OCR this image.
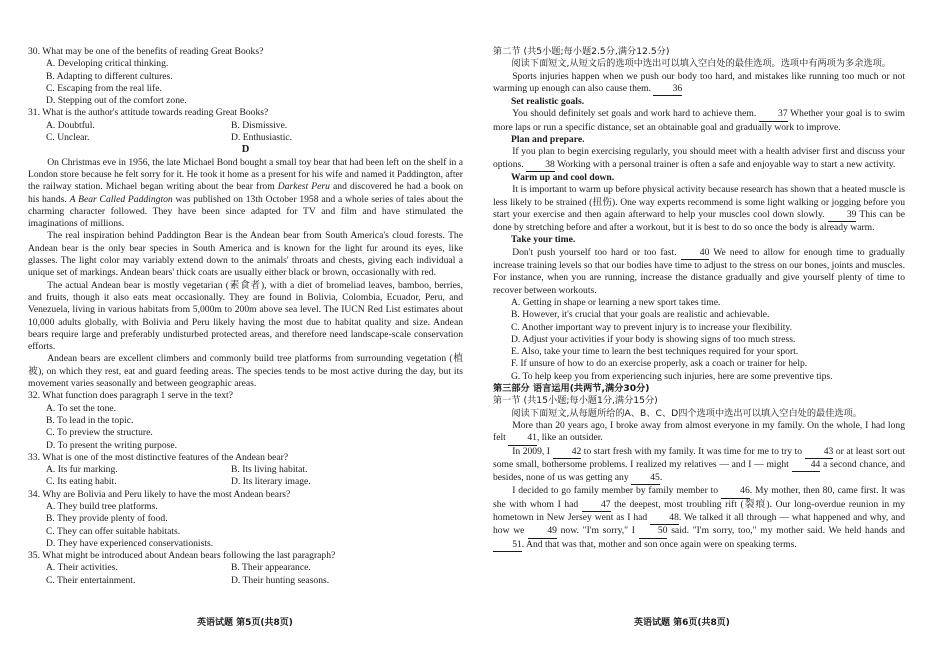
30. What may be one of the benefits of reading Great Books?
A. Developing critical thinking.
B. Adapting to different cultures.
C. Escaping from the real life.
D. Stepping out of the comfort zone.
31. What is the author's attitude towards reading Great Books?
A. Doubtful.	B. Dismissive.
C. Unclear.	D. Enthusiastic.
D
On Christmas eve in 1956, the late Michael Bond bought a small toy bear that had been left on the shelf in a London store because he felt sorry for it. He took it home as a present for his wife and named it Paddington, after the railway station. Michael began writing about the bear from Darkest Peru and discovered he had a book on his hands. A Bear Called Paddington was published on 13th October 1958 and a whole series of tales about the charming character followed. They have been since adapted for TV and film and have stimulated the imaginations of millions.
The real inspiration behind Paddington Bear is the Andean bear from South America's cloud forests. The Andean bear is the only bear species in South America and is known for the light fur around its eyes, like glasses. The light color may variably extend down to the animals' throats and chests, giving each individual a unique set of markings. Andean bears' thick coats are usually either black or brown, occasionally with red.
The actual Andean bear is mostly vegetarian (素食者), with a diet of bromeliad leaves, bamboo, berries, and fruits, though it also eats meat occasionally. They are found in Bolivia, Colombia, Ecuador, Peru, and Venezuela, living in various habitats from 5,000m to 200m above sea level. The IUCN Red List estimates about 10,000 adults globally, with Bolivia and Peru likely having the most due to habitat quality and size. Andean bears require large and preferably undisturbed protected areas, and therefore need landscape-scale conservation efforts.
Andean bears are excellent climbers and commonly build tree platforms from surrounding vegetation (植被), on which they rest, eat and guard feeding areas. The species tends to be most active during the day, but its movement varies seasonally and between geographic areas.
32. What function does paragraph 1 serve in the text?
A. To set the tone.
B. To lead in the topic.
C. To preview the structure.
D. To present the writing purpose.
33. What is one of the most distinctive features of the Andean bear?
A. Its fur marking.	B. Its living habitat.
C. Its eating habit.	D. Its literary image.
34. Why are Bolivia and Peru likely to have the most Andean bears?
A. They build tree platforms.
B. They provide plenty of food.
C. They can offer suitable habitats.
D. They have experienced conservationists.
35. What might be introduced about Andean bears following the last paragraph?
A. Their activities.	B. Their appearance.
C. Their entertainment.	D. Their hunting seasons.
第二节 (共5小题;每小题2.5分,满分12.5分)
阅读下面短文,从短文后的选项中选出可以填入空白处的最佳选项。选项中有两项为多余选项。
Sports injuries happen when we push our body too hard, and mistakes like running too much or not warming up enough can also cause them. 36
Set realistic goals.
You should definitely set goals and work hard to achieve them. 37 Whether your goal is to swim more laps or run a specific distance, set an obtainable goal and gradually work to improve.
Plan and prepare.
If you plan to begin exercising regularly, you should meet with a health adviser first and discuss your options. 38 Working with a personal trainer is often a safe and enjoyable way to start a new activity.
Warm up and cool down.
It is important to warm up before physical activity because research has shown that a heated muscle is less likely to be strained (扭伤). One way experts recommend is some light walking or jogging before you start your exercise and then again afterward to help your muscles cool down slowly. 39 This can be done by stretching before and after a workout, but it is best to do so once the body is already warm.
Take your time.
Don't push yourself too hard or too fast. 40 We need to allow for enough time to gradually increase training levels so that our bodies have time to adjust to the stress on our bones, joints and muscles. For instance, when you are running, increase the distance gradually and give yourself plenty of time to recover between workouts.
A. Getting in shape or learning a new sport takes time.
B. However, it's crucial that your goals are realistic and achievable.
C. Another important way to prevent injury is to increase your flexibility.
D. Adjust your activities if your body is showing signs of too much stress.
E. Also, take your time to learn the best techniques required for your sport.
F. If unsure of how to do an exercise properly, ask a coach or trainer for help.
G. To help keep you from experiencing such injuries, here are some preventive tips.
第三部分 语言运用(共两节,满分30分)
第一节 (共15小题;每小题1分,满分15分)
阅读下面短文,从每题所给的A、B、C、D四个选项中选出可以填入空白处的最佳选项。
More than 20 years ago, I broke away from almost everyone in my family. On the whole, I had long felt 41, like an outsider.
In 2009, I 42 to start fresh with my family. It was time for me to try to 43 or at least sort out some small, bothersome problems. I realized my relatives — and I — might 44 a second chance, and besides, none of us was getting any 45.
I decided to go family member by family member to 46. My mother, then 80, came first. It was she with whom I had 47 the deepest, most troubling rift (裂痕). Our long-overdue reunion in my hometown in New Jersey went as I had 48. We talked it all through — what happened and why, and how we 49 now. "I'm sorry," I 50 said. "I'm sorry, too," my mother said. We held hands and 51. And that was that, mother and son once again were on speaking terms.
英语试题 第5页(共8页)	英语试题 第6页(共8页)
